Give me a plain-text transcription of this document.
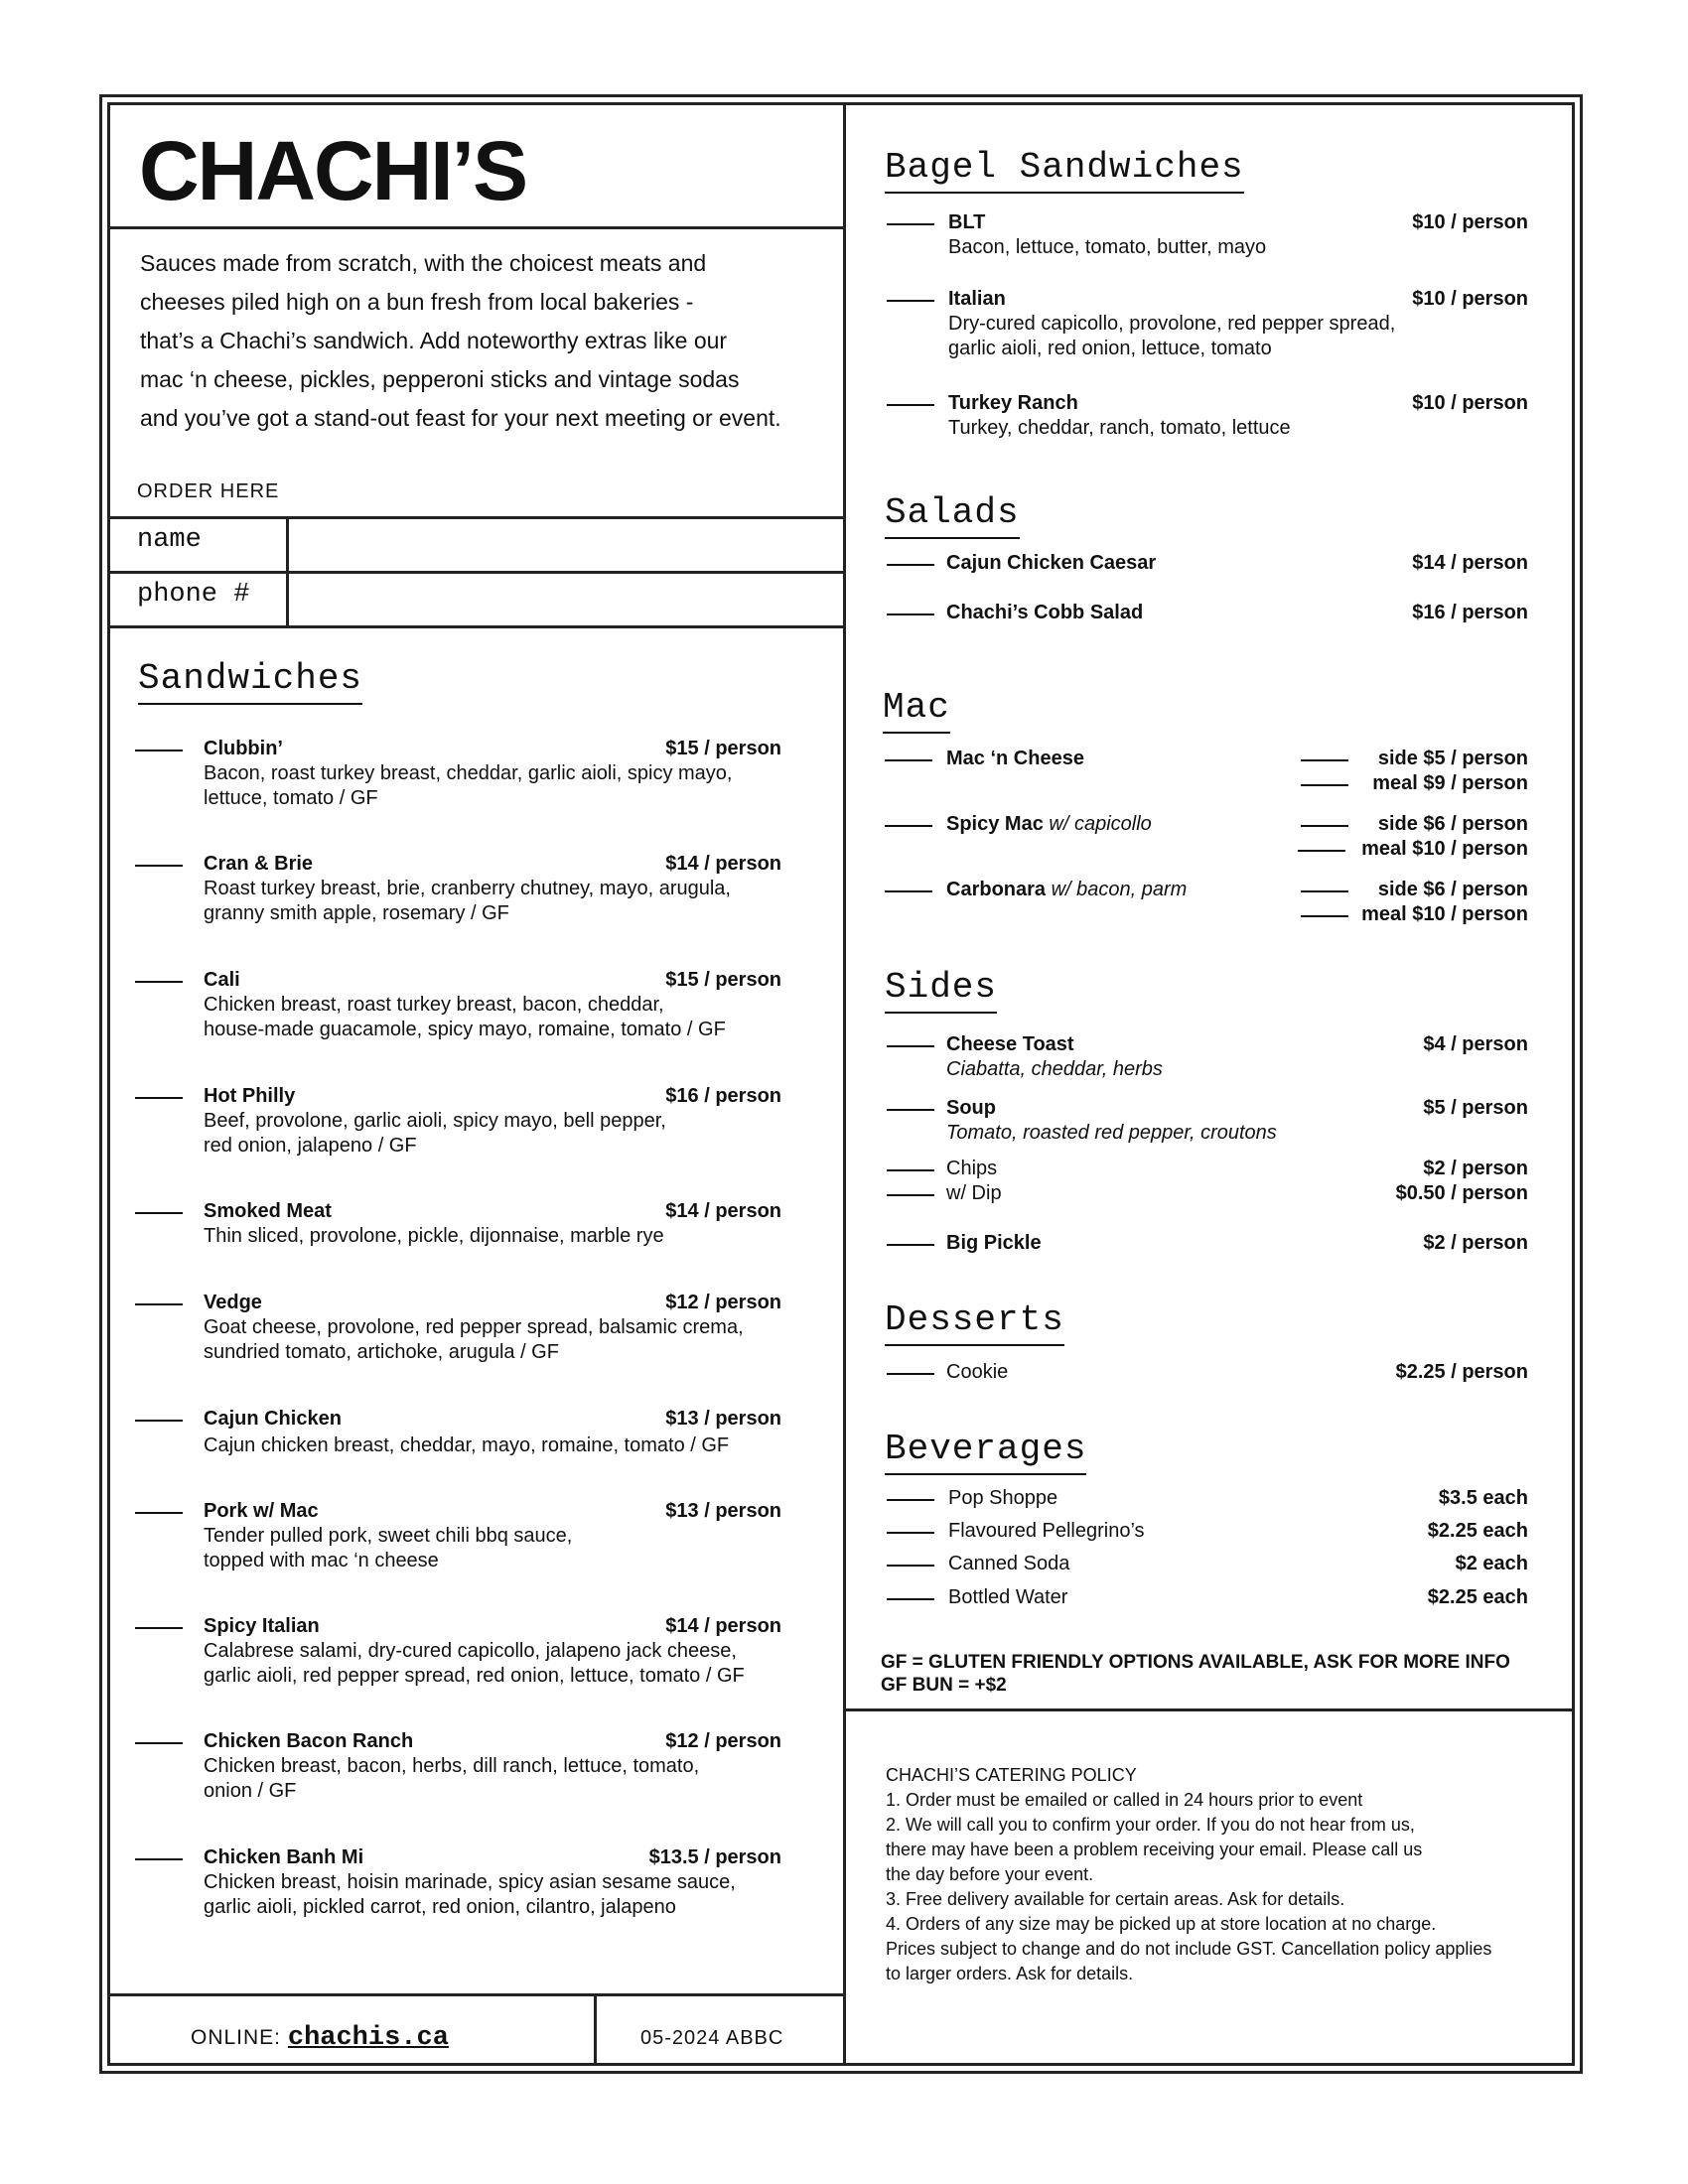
CHACHI’S
Sauces made from scratch, with the choicest meats and
cheeses piled high on a bun fresh from local bakeries -
that’s a Chachi’s sandwich. Add noteworthy extras like our
mac ‘n cheese, pickles, pepperoni sticks and vintage sodas
and you’ve got a stand-out feast for your next meeting or event.
ORDER HERE
name
phone #
Sandwiches
Clubbin’	$15 / person
Bacon, roast turkey breast, cheddar, garlic aioli, spicy mayo,
lettuce, tomato / GF
Cran & Brie	$14 / person
Roast turkey breast, brie, cranberry chutney, mayo, arugula,
granny smith apple, rosemary / GF
Cali	$15 / person
Chicken breast, roast turkey breast, bacon, cheddar,
house-made guacamole, spicy mayo, romaine, tomato / GF
Hot Philly	$16 / person
Beef, provolone, garlic aioli, spicy mayo, bell pepper,
red onion, jalapeno / GF
Smoked Meat	$14 / person
Thin sliced, provolone, pickle, dijonnaise, marble rye
Vedge	$12 / person
Goat cheese, provolone, red pepper spread, balsamic crema,
sundried tomato, artichoke, arugula / GF
Cajun Chicken	$13 / person
Cajun chicken breast, cheddar, mayo, romaine, tomato / GF
Pork w/ Mac	$13 / person
Tender pulled pork, sweet chili bbq sauce,
topped with mac ‘n cheese
Spicy Italian	$14 / person
Calabrese salami, dry-cured capicollo, jalapeno jack cheese,
garlic aioli, red pepper spread, red onion, lettuce, tomato / GF
Chicken Bacon Ranch	$12 / person
Chicken breast, bacon, herbs, dill ranch, lettuce, tomato,
onion / GF
Chicken Banh Mi	$13.5 / person
Chicken breast, hoisin marinade, spicy asian sesame sauce,
garlic aioli, pickled carrot, red onion, cilantro, jalapeno
ONLINE: chachis.ca	05-2024 ABBC
Bagel Sandwiches
BLT	$10 / person
Bacon, lettuce, tomato, butter, mayo
Italian	$10 / person
Dry-cured capicollo, provolone, red pepper spread,
garlic aioli, red onion, lettuce, tomato
Turkey Ranch	$10 / person
Turkey, cheddar, ranch, tomato, lettuce
Salads
Cajun Chicken Caesar	$14 / person
Chachi’s Cobb Salad	$16 / person
Mac
Mac ‘n Cheese	side $5 / person
meal $9 / person
Spicy Mac w/ capicollo	side $6 / person
meal $10 / person
Carbonara w/ bacon, parm	side $6 / person
meal $10 / person
Sides
Cheese Toast	$4 / person
Ciabatta, cheddar, herbs
Soup	$5 / person
Tomato, roasted red pepper, croutons
Chips	$2 / person
w/ Dip	$0.50 / person
Big Pickle	$2 / person
Desserts
Cookie	$2.25 / person
Beverages
Pop Shoppe	$3.5 each
Flavoured Pellegrino’s	$2.25 each
Canned Soda	$2 each
Bottled Water	$2.25 each
GF = GLUTEN FRIENDLY OPTIONS AVAILABLE, ASK FOR MORE INFO
GF BUN = +$2
CHACHI’S CATERING POLICY
1. Order must be emailed or called in 24 hours prior to event
2. We will call you to confirm your order. If you do not hear from us,
there may have been a problem receiving your email. Please call us
the day before your event.
3. Free delivery available for certain areas. Ask for details.
4. Orders of any size may be picked up at store location at no charge.
Prices subject to change and do not include GST. Cancellation policy applies
to larger orders. Ask for details.
